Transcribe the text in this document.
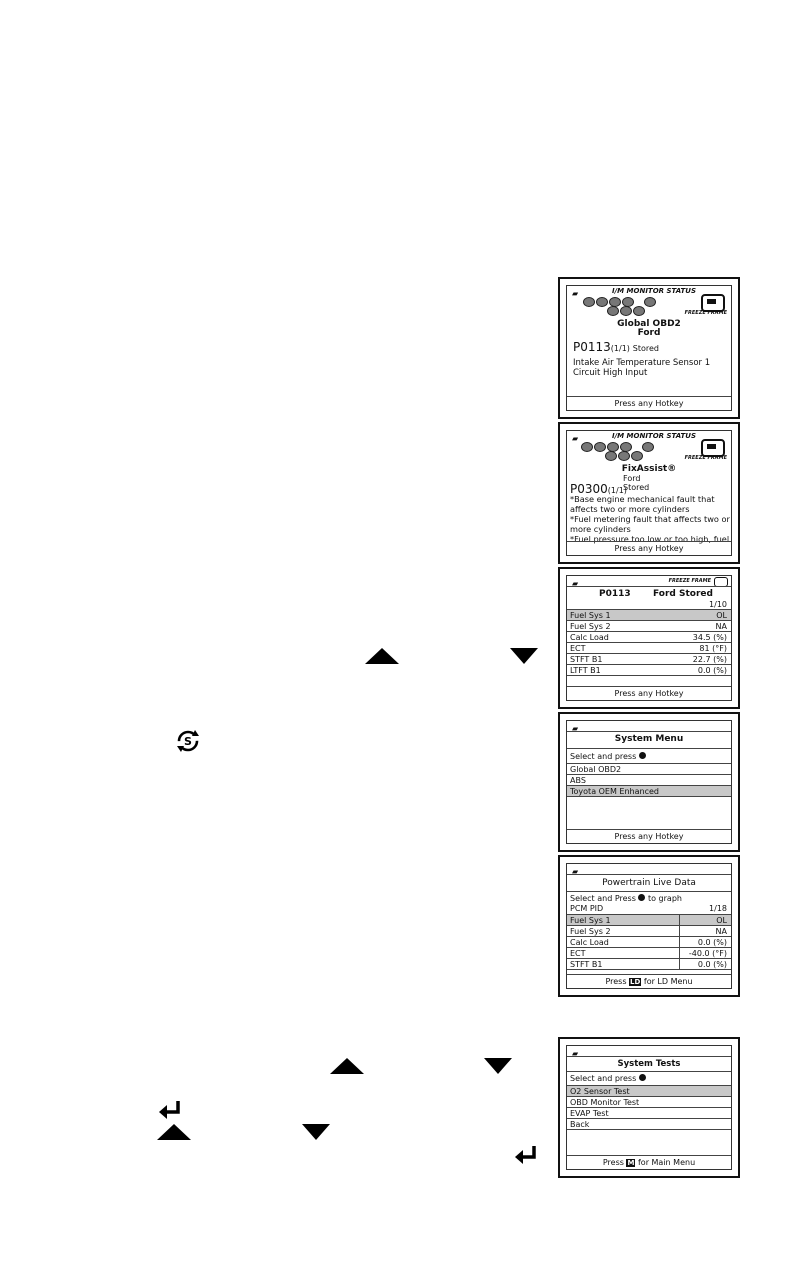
▰	I/M MONITOR STATUS
FREEZE FRAME
Global OBD2
Ford
P0113(1/1) Stored
Intake Air Temperature Sensor 1
Circuit High Input
Press any Hotkey
▰	I/M MONITOR STATUS
FREEZE FRAME
FixAssist®
P0300(1/1)
Ford
Stored
*Base engine mechanical fault that
affects two or more cylinders
*Fuel metering fault that affects two or
more cylinders
*Fuel pressure too low or too high, fuel
Press any Hotkey
▰	FREEZE FRAME
P0113 Ford Stored
1/10
Fuel Sys 1	OL
Fuel Sys 2	NA
Calc Load	34.5 (%)
ECT	81 (°F)
STFT B1	22.7 (%)
LTFT B1	0.0 (%)
Press any Hotkey
▰
System Menu
Select and press
Global OBD2
ABS
Toyota OEM Enhanced
Press any Hotkey
▰
Powertrain Live Data
Select and Press to graph
PCM PID	1/18
Fuel Sys 1	OL
Fuel Sys 2	NA
Calc Load	0.0 (%)
ECT	-40.0 (°F)
STFT B1	0.0 (%)
Press LD for LD Menu
▰
System Tests
Select and press
O2 Sensor Test
OBD Monitor Test
EVAP Test
Back
Press M for Main Menu
S
